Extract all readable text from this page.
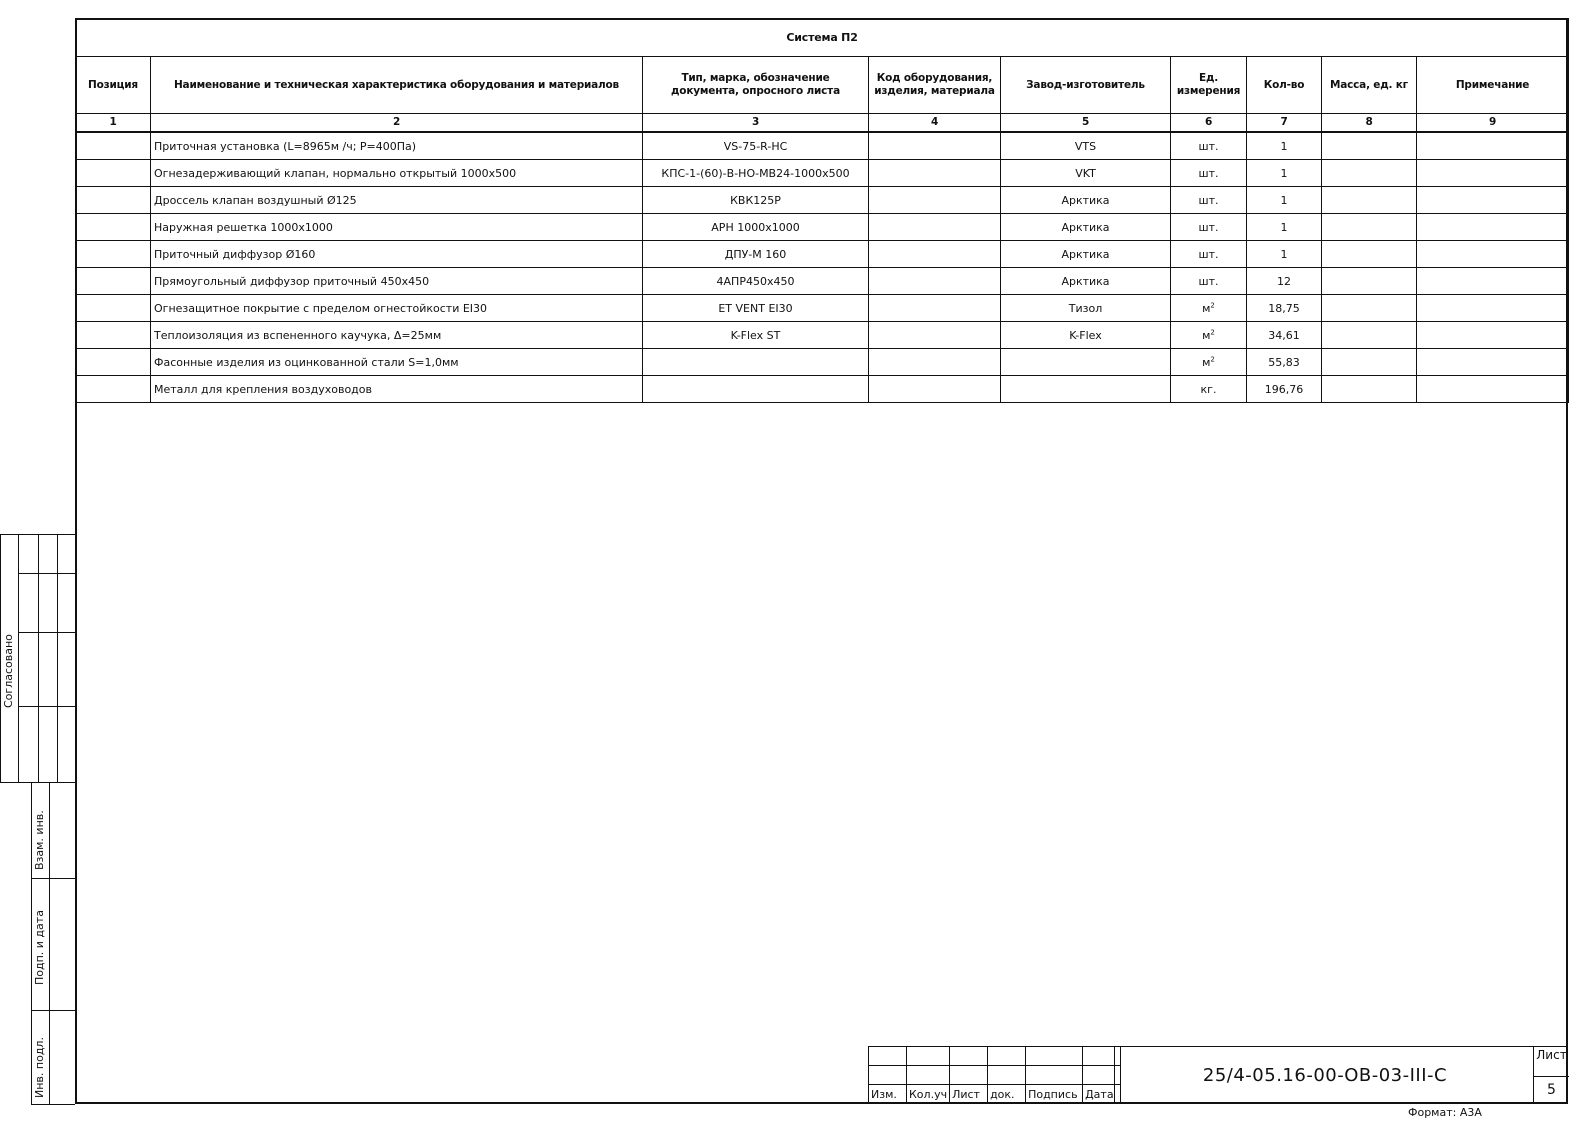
Система П2								
Позиция	Наименование и техническая характеристика оборудования и материалов	Тип, марка, обозначение документа, опросного листа	Код оборудования, изделия, материала	Завод-изготовитель	Ед. измерения	Кол-во	Масса, ед. кг	Примечание
1	2	3	4	5	6	7	8	9
	Приточная установка (L=8965м /ч; Р=400Па)	VS-75-R-HC		VTS	шт.	1		
	Огнезадерживающий клапан, нормально открытый 1000x500	КПС-1-(60)-В-НО-МВ24-1000x500		VKT	шт.	1		
	Дроссель клапан воздушный Ø125	КВК125Р		Арктика	шт.	1		
	Наружная решетка 1000x1000	АРН 1000x1000		Арктика	шт.	1		
	Приточный диффузор Ø160	ДПУ-М 160		Арктика	шт.	1		
	Прямоугольный диффузор приточный 450x450	4АПР450x450		Арктика	шт.	12		
	Огнезащитное покрытие с пределом огнестойкости EI30	ET VENT EI30		Тизол	$м^2$	18,75		
	Теплоизоляция из вспененного каучука, Δ=25мм	K-Flex ST		K-Flex	$м^2$	34,61		
	Фасонные изделия из оцинкованной стали S=1,0мм				$м^2$	55,83		
	Металл для крепления воздуховодов				кг.	196,76		
Согласовано
Взам. инв.
Подп. и дата
Инв. подл.

						Изм.	Кол.уч	Лист	док.	Подпись	Дата
25/4-05.16-00-ОВ-03-III-С
Лист
5
Формат: А3А
